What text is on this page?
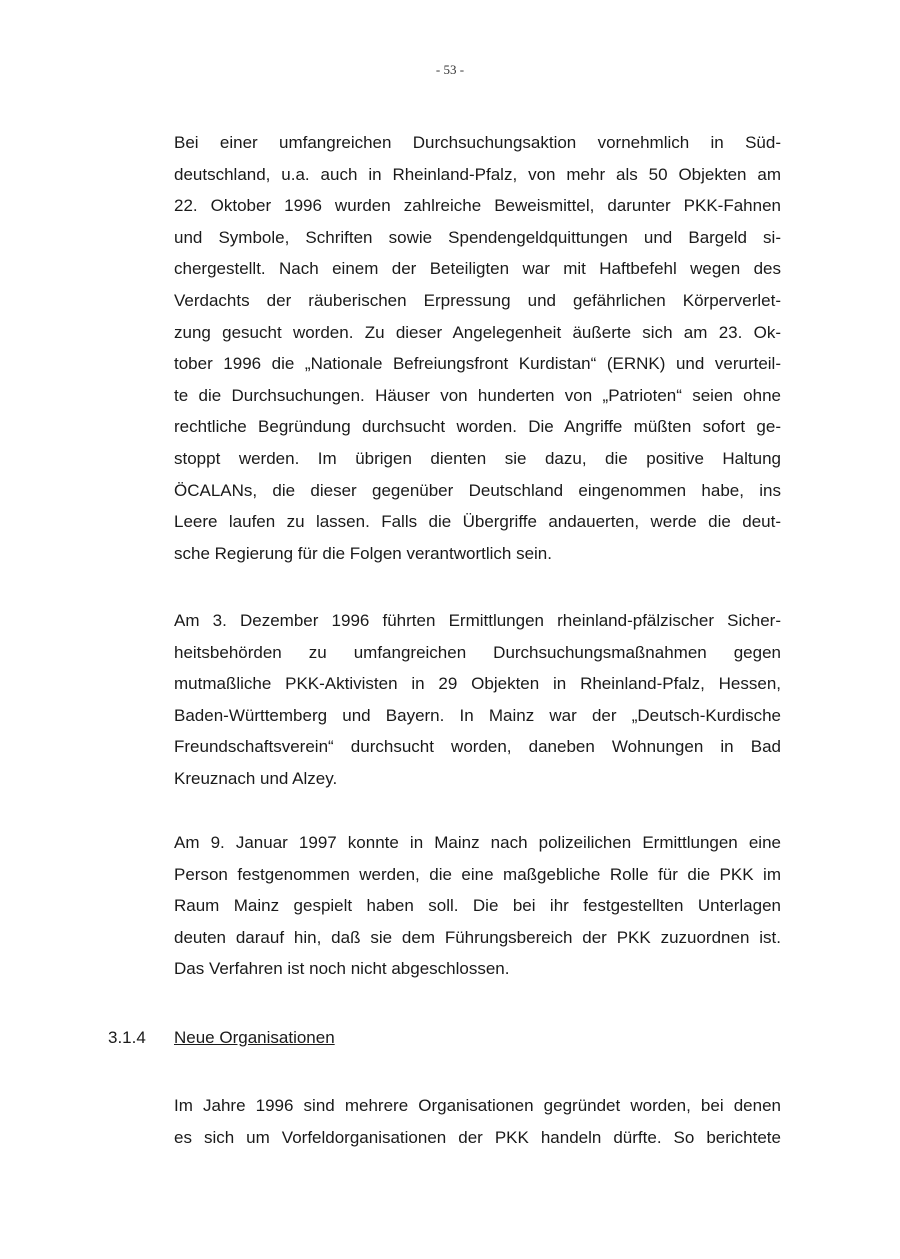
- 53 -
Bei einer umfangreichen Durchsuchungsaktion vornehmlich in Süd-
deutschland, u.a. auch in Rheinland-Pfalz, von mehr als 50 Objekten am
22. Oktober 1996 wurden zahlreiche Beweismittel, darunter PKK-Fahnen
und Symbole, Schriften sowie Spendengeldquittungen und Bargeld si-
chergestellt. Nach einem der Beteiligten war mit Haftbefehl wegen des
Verdachts der räuberischen Erpressung und gefährlichen Körperverlet-
zung gesucht worden. Zu dieser Angelegenheit äußerte sich am 23. Ok-
tober 1996 die „Nationale Befreiungsfront Kurdistan“ (ERNK) und verurteil-
te die Durchsuchungen. Häuser von hunderten von „Patrioten“ seien ohne
rechtliche Begründung durchsucht worden. Die Angriffe müßten sofort ge-
stoppt werden. Im übrigen dienten sie dazu, die positive Haltung
ÖCALANs, die dieser gegenüber Deutschland eingenommen habe, ins
Leere laufen zu lassen. Falls die Übergriffe andauerten, werde die deut-
sche Regierung für die Folgen verantwortlich sein.
Am 3. Dezember 1996 führten Ermittlungen rheinland-pfälzischer Sicher-
heitsbehörden zu umfangreichen Durchsuchungsmaßnahmen gegen
mutmaßliche PKK-Aktivisten in 29 Objekten in Rheinland-Pfalz, Hessen,
Baden-Württemberg und Bayern. In Mainz war der „Deutsch-Kurdische
Freundschaftsverein“ durchsucht worden, daneben Wohnungen in Bad
Kreuznach und Alzey.
Am 9. Januar 1997 konnte in Mainz nach polizeilichen Ermittlungen eine
Person festgenommen werden, die eine maßgebliche Rolle für die PKK im
Raum Mainz gespielt haben soll. Die bei ihr festgestellten Unterlagen
deuten darauf hin, daß sie dem Führungsbereich der PKK zuzuordnen ist.
Das Verfahren ist noch nicht abgeschlossen.
3.1.4 Neue Organisationen
Im Jahre 1996 sind mehrere Organisationen gegründet worden, bei denen
es sich um Vorfeldorganisationen der PKK handeln dürfte. So berichtete
